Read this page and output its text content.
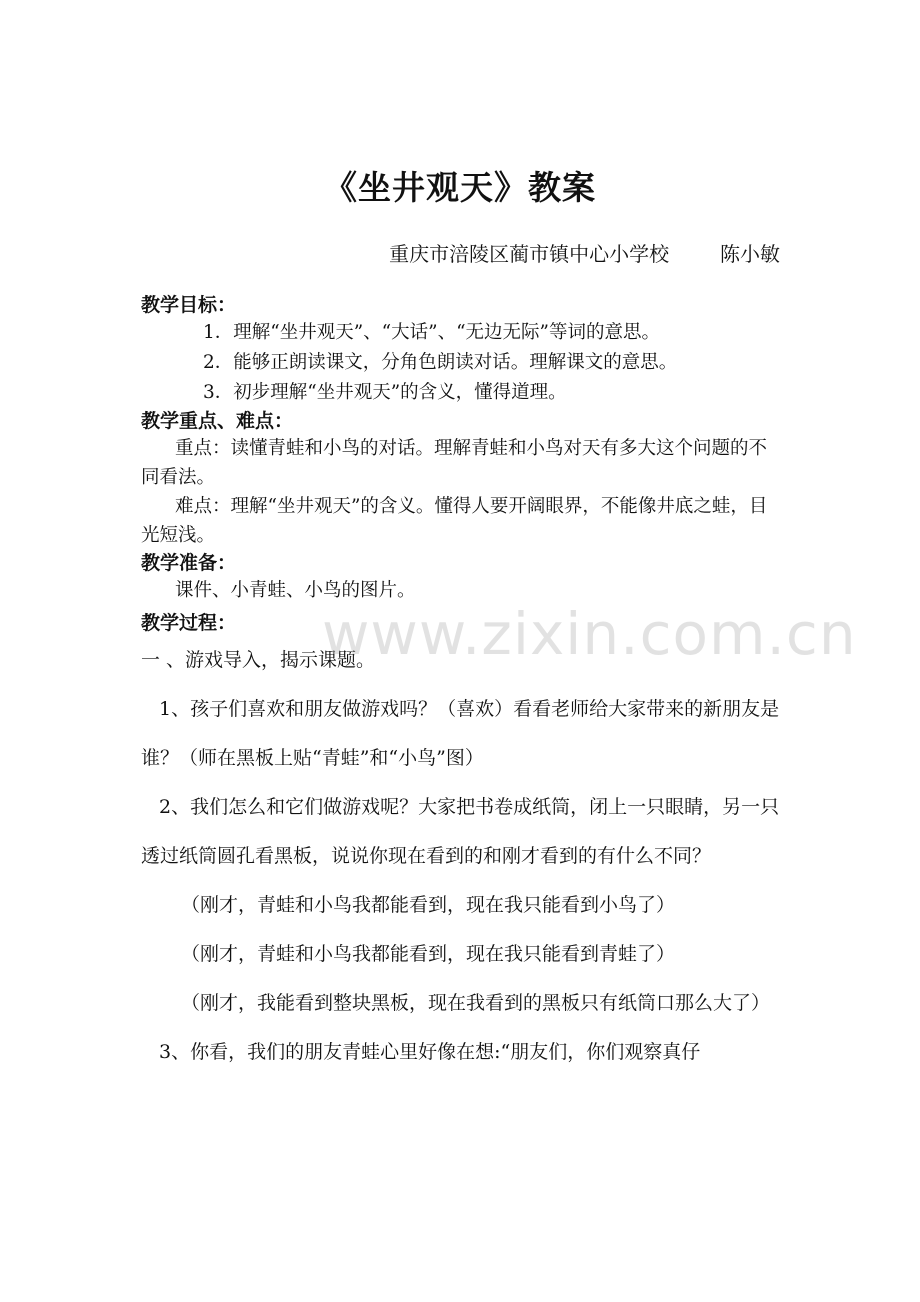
《坐井观天》教案
重庆市涪陵区蔺市镇中心小学校        陈小敏
教学目标：
1．理解“坐井观天”、“大话”、“无边无际”等词的意思。
2．能够正朗读课文，分角色朗读对话。理解课文的意思。
3．初步理解“坐井观天”的含义，懂得道理。
教学重点、难点：
重点：读懂青蛙和小鸟的对话。理解青蛙和小鸟对天有多大这个问题的不同看法。
难点：理解“坐井观天”的含义。懂得人要开阔眼界，不能像井底之蛙，目光短浅。
教学准备：
课件、小青蛙、小鸟的图片。
教学过程：
一 、游戏导入，揭示课题。
1、孩子们喜欢和朋友做游戏吗？（喜欢）看看老师给大家带来的新朋友是谁？（师在黑板上贴“青蛙”和“小鸟”图）
2、我们怎么和它们做游戏呢？大家把书卷成纸筒，闭上一只眼睛，另一只透过纸筒圆孔看黑板，说说你现在看到的和刚才看到的有什么不同？
（刚才，青蛙和小鸟我都能看到，现在我只能看到小鸟了）
（刚才，青蛙和小鸟我都能看到，现在我只能看到青蛙了）
（刚才，我能看到整块黑板，现在我看到的黑板只有纸筒口那么大了）
3、你看，我们的朋友青蛙心里好像在想:“朋友们，你们观察真仔
www.zixin.com.cn
